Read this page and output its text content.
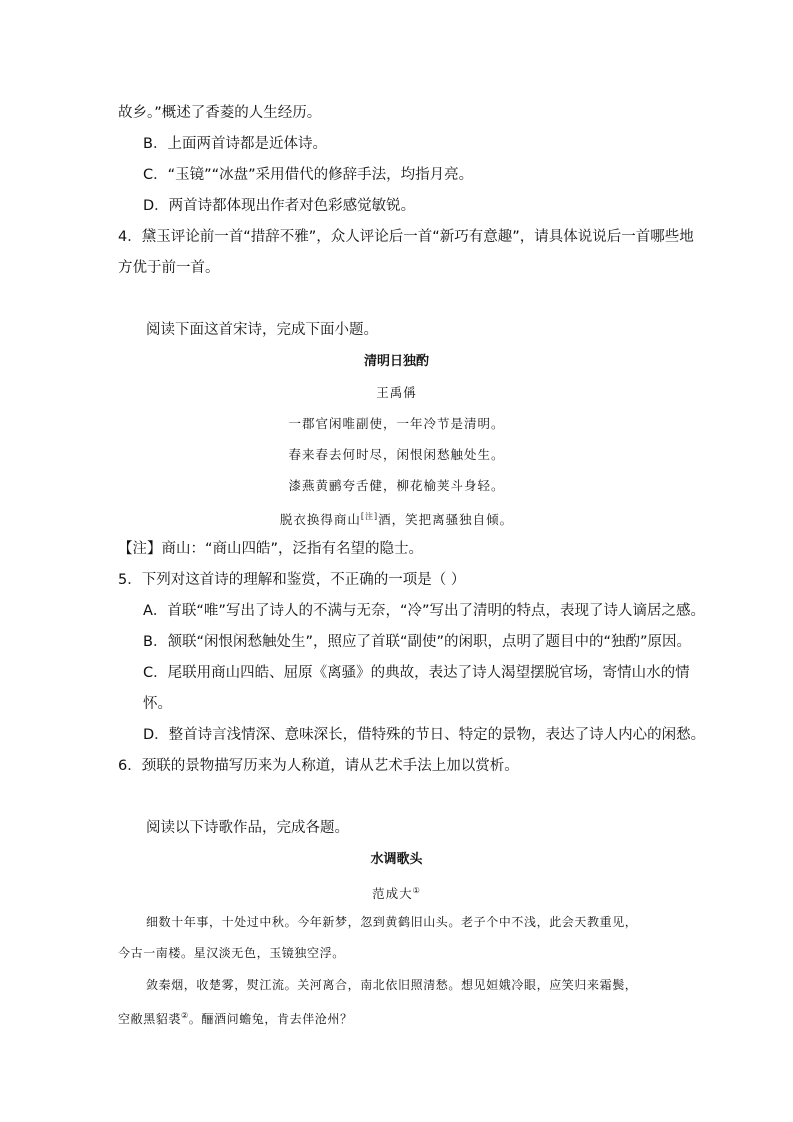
故乡。”概述了香菱的人生经历。
B．上面两首诗都是近体诗。
C．“玉镜”“冰盘”采用借代的修辞手法，均指月亮。
D．两首诗都体现出作者对色彩感觉敏锐。
4．黛玉评论前一首“措辞不雅”，众人评论后一首“新巧有意趣”，请具体说说后一首哪些地
方优于前一首。
阅读下面这首宋诗，完成下面小题。
清明日独酌
王禹偁
一郡官闲唯副使，一年冷节是清明。
春来春去何时尽，闲恨闲愁触处生。
漆燕黄鹂夸舌健，柳花榆荚斗身轻。
脱衣换得商山[注]酒，笑把离骚独自倾。
【注】商山：“商山四皓”，泛指有名望的隐士。
5．下列对这首诗的理解和鉴赏，不正确的一项是（ ）
A．首联“唯”写出了诗人的不满与无奈，“冷”写出了清明的特点，表现了诗人谪居之感。
B．颔联“闲恨闲愁触处生”，照应了首联“副使”的闲职，点明了题目中的“独酌”原因。
C．尾联用商山四皓、屈原《离骚》的典故，表达了诗人渴望摆脱官场，寄情山水的情
怀。
D．整首诗言浅情深、意味深长，借特殊的节日、特定的景物，表达了诗人内心的闲愁。
6．颈联的景物描写历来为人称道，请从艺术手法上加以赏析。
阅读以下诗歌作品，完成各题。
水调歌头
范成大①
细数十年事，十处过中秋。今年新梦，忽到黄鹤旧山头。老子个中不浅，此会天教重见，
今古一南楼。星汉淡无色，玉镜独空浮。
敛秦烟，收楚雾，熨江流。关河离合，南北依旧照清愁。想见姮娥冷眼，应笑归来霜鬓，
空敝黑貂裘②。酾酒问蟾兔，肯去伴沧州？
